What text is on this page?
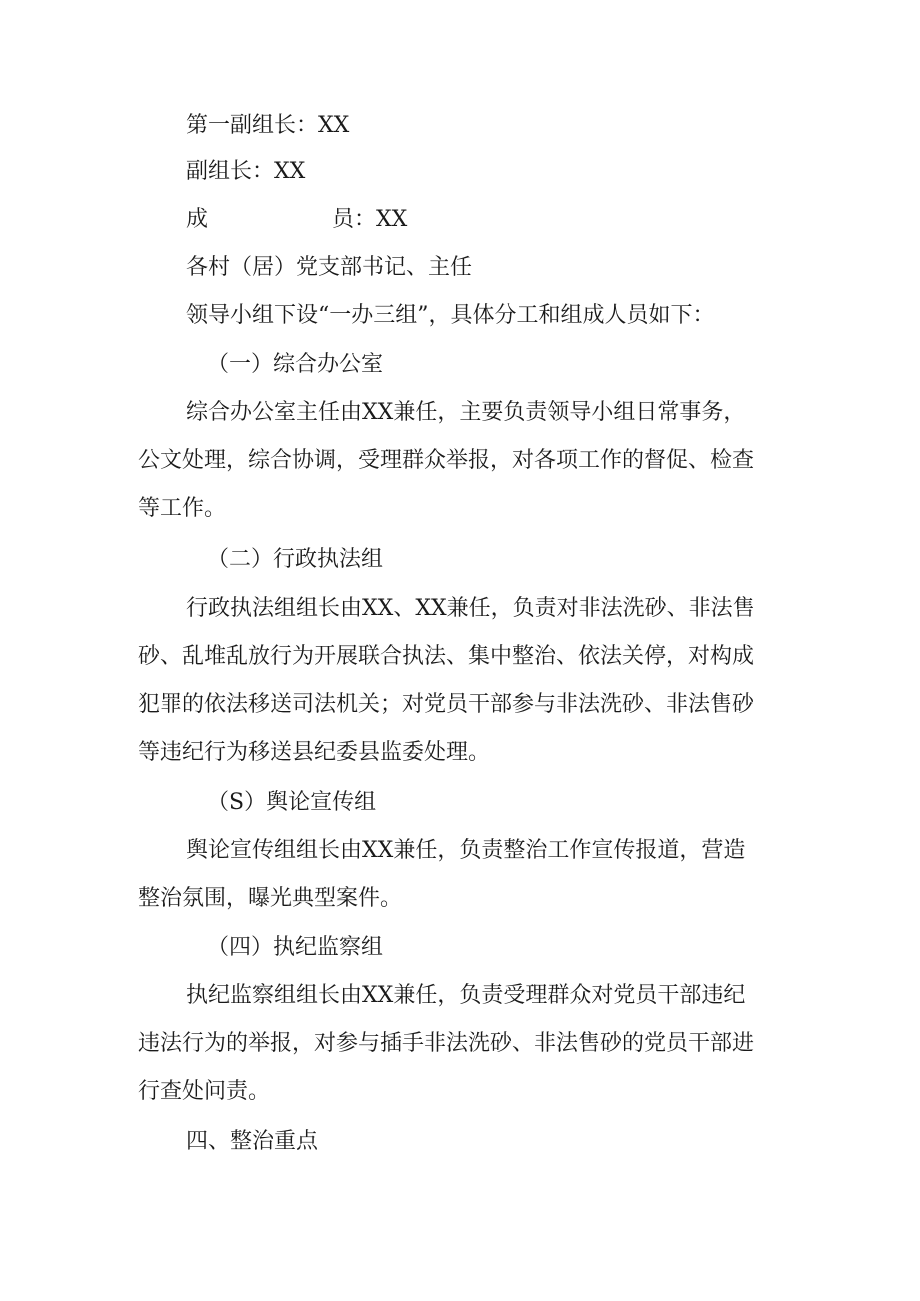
第一副组长：XX

副组长：XX

成	员：XX

各村（居）党支部书记、主任

领导小组下设“一办三组”，具体分工和组成人员如下：

（一）综合办公室

综合办公室主任由XX兼任，主要负责领导小组日常事务，
公文处理，综合协调，受理群众举报，对各项工作的督促、检查
等工作。

（二）行政执法组

行政执法组组长由XX、XX兼任，负责对非法洗砂、非法售
砂、乱堆乱放行为开展联合执法、集中整治、依法关停，对构成
犯罪的依法移送司法机关；对党员干部参与非法洗砂、非法售砂
等违纪行为移送县纪委县监委处理。

（S）舆论宣传组

舆论宣传组组长由XX兼任，负责整治工作宣传报道，营造
整治氛围，曝光典型案件。

（四）执纪监察组

执纪监察组组长由XX兼任，负责受理群众对党员干部违纪
违法行为的举报，对参与插手非法洗砂、非法售砂的党员干部进
行查处问责。

四、整治重点
